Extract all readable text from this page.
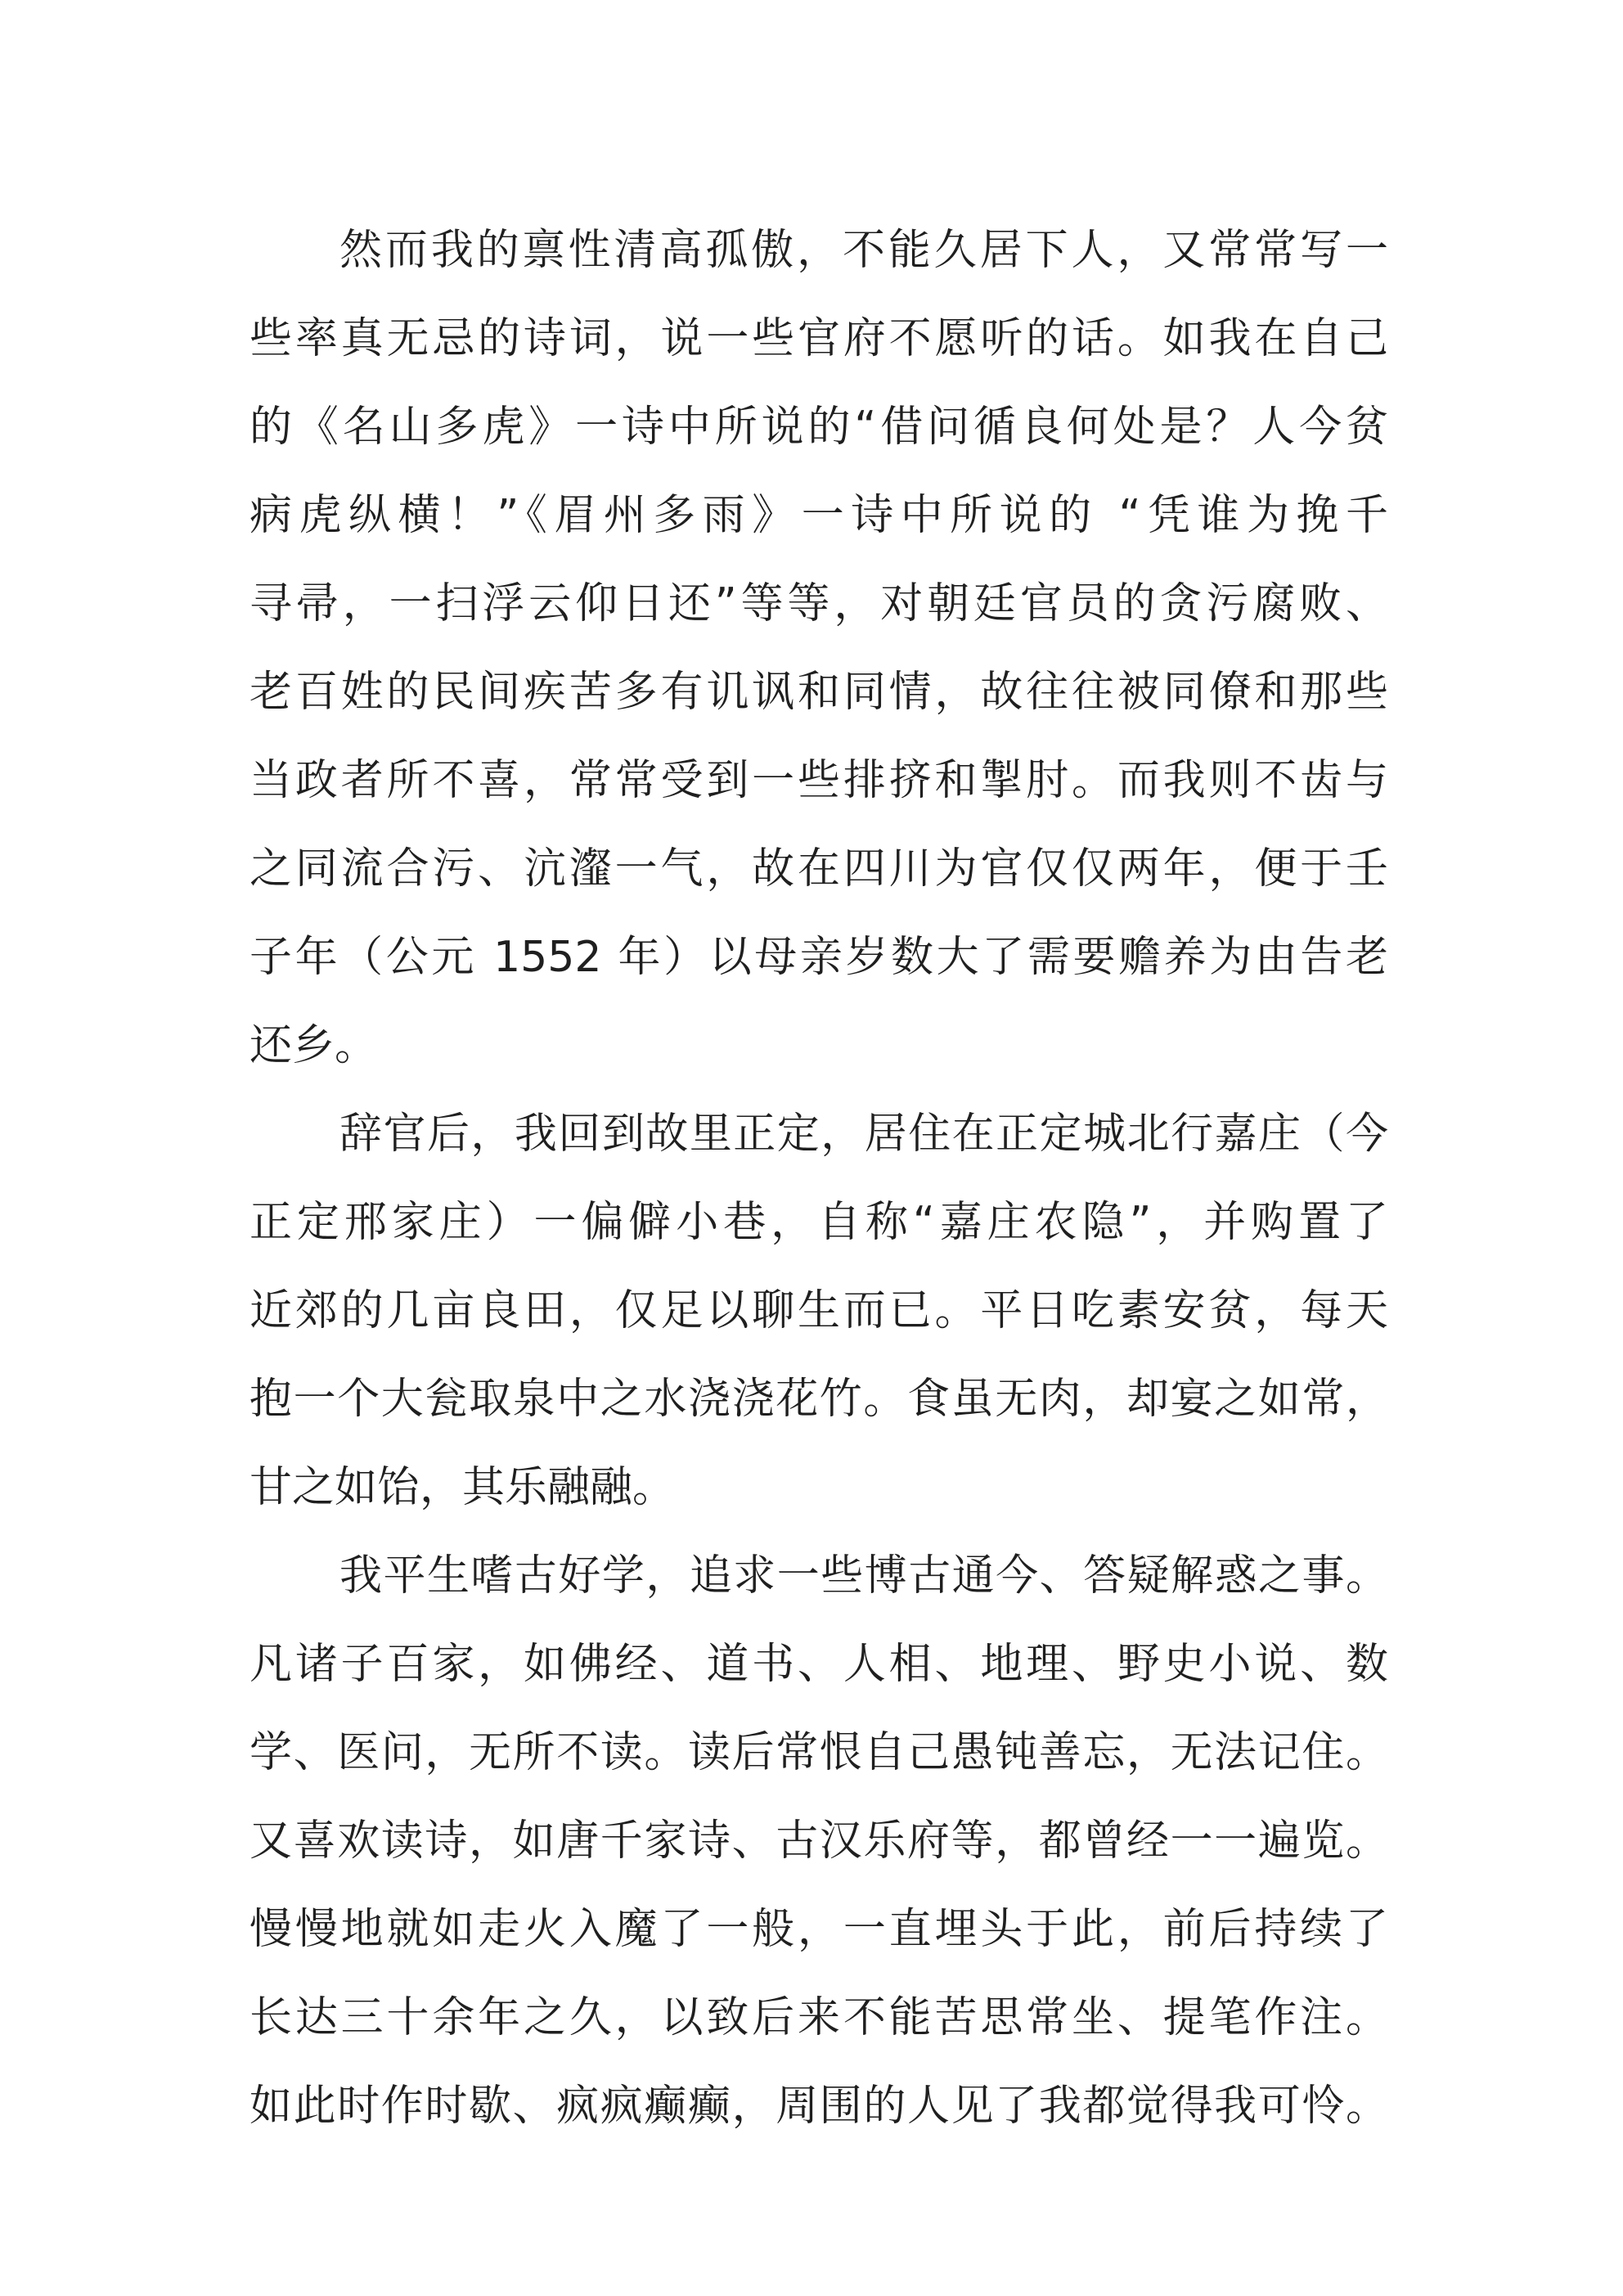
然而我的禀性清高孤傲，不能久居下人，又常常写一
些率真无忌的诗词，说一些官府不愿听的话。如我在自己
的《名山多虎》一诗中所说的“借问循良何处是？人今贫
病虎纵横！”《眉州多雨》一诗中所说的 “凭谁为挽千
寻帚，一扫浮云仰日还”等等，对朝廷官员的贪污腐败、
老百姓的民间疾苦多有讥讽和同情，故往往被同僚和那些
当政者所不喜，常常受到一些排挤和掣肘。而我则不齿与
之同流合污、沆瀣一气，故在四川为官仅仅两年，便于壬
子年（公元 1552 年）以母亲岁数大了需要赡养为由告老
还乡。
辞官后，我回到故里正定，居住在正定城北行嘉庄（今
正定邢家庄）一偏僻小巷，自称“嘉庄农隐”，并购置了
近郊的几亩良田，仅足以聊生而已。平日吃素安贫，每天
抱一个大瓮取泉中之水浇浇花竹。食虽无肉，却宴之如常，
甘之如饴，其乐融融。
我平生嗜古好学，追求一些博古通今、答疑解惑之事。
凡诸子百家，如佛经、道书、人相、地理、野史小说、数
学、医问，无所不读。读后常恨自己愚钝善忘，无法记住。
又喜欢读诗，如唐千家诗、古汉乐府等，都曾经一一遍览。
慢慢地就如走火入魔了一般，一直埋头于此，前后持续了
长达三十余年之久，以致后来不能苦思常坐、提笔作注。
如此时作时歇、疯疯癫癫，周围的人见了我都觉得我可怜。
